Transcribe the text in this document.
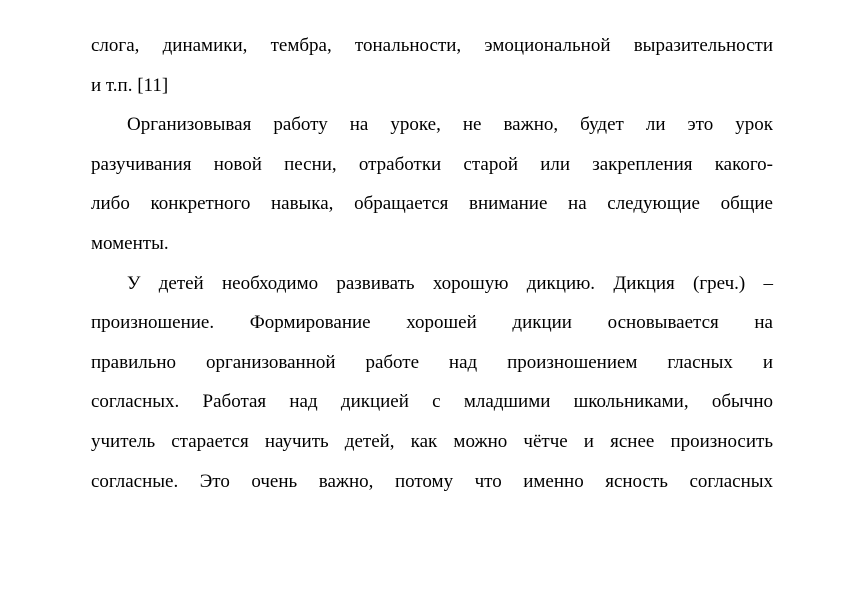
слога, динамики, тембра, тональности, эмоциональной выразительности
и т.п. [11]
Организовывая работу на уроке, не важно, будет ли это урок
разучивания новой песни, отработки старой или закрепления какого-
либо конкретного навыка, обращается внимание на следующие общие
моменты.
У детей необходимо развивать хорошую дикцию. Дикция (греч.) –
произношение. Формирование хорошей дикции основывается на
правильно организованной работе над произношением гласных и
согласных. Работая над дикцией с младшими школьниками, обычно
учитель старается научить детей, как можно чётче и яснее произносить
согласные. Это очень важно, потому что именно ясность согласных
